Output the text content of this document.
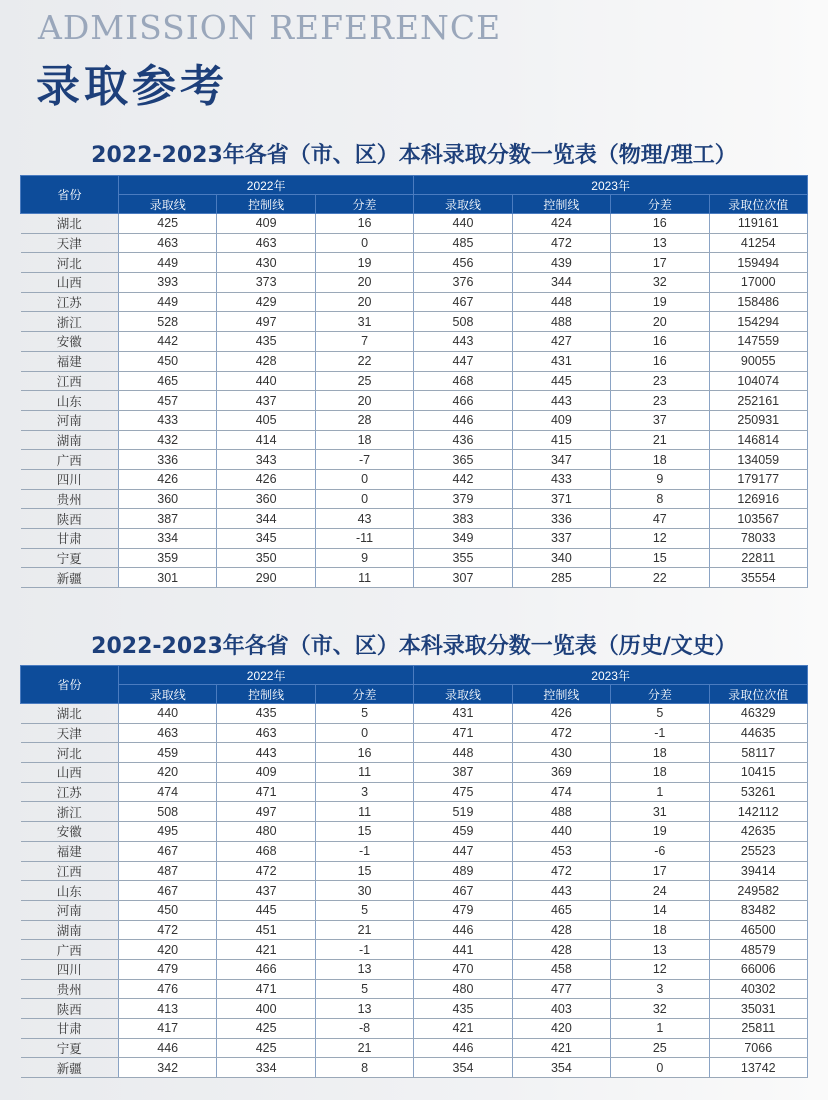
ADMISSION REFERENCE
录取参考
2022-2023年各省（市、区）本科录取分数一览表（物理/理工）
省份	2022年			2023年			
	录取线	控制线	分差	录取线	控制线	分差	录取位次值
湖北	425	409	16	440	424	16	119161
天津	463	463	0	485	472	13	41254
河北	449	430	19	456	439	17	159494
山西	393	373	20	376	344	32	17000
江苏	449	429	20	467	448	19	158486
浙江	528	497	31	508	488	20	154294
安徽	442	435	7	443	427	16	147559
福建	450	428	22	447	431	16	90055
江西	465	440	25	468	445	23	104074
山东	457	437	20	466	443	23	252161
河南	433	405	28	446	409	37	250931
湖南	432	414	18	436	415	21	146814
广西	336	343	-7	365	347	18	134059
四川	426	426	0	442	433	9	179177
贵州	360	360	0	379	371	8	126916
陕西	387	344	43	383	336	47	103567
甘肃	334	345	-11	349	337	12	78033
宁夏	359	350	9	355	340	15	22811
新疆	301	290	11	307	285	22	35554
2022-2023年各省（市、区）本科录取分数一览表（历史/文史）
省份	2022年			2023年			
	录取线	控制线	分差	录取线	控制线	分差	录取位次值
湖北	440	435	5	431	426	5	46329
天津	463	463	0	471	472	-1	44635
河北	459	443	16	448	430	18	58117
山西	420	409	11	387	369	18	10415
江苏	474	471	3	475	474	1	53261
浙江	508	497	11	519	488	31	142112
安徽	495	480	15	459	440	19	42635
福建	467	468	-1	447	453	-6	25523
江西	487	472	15	489	472	17	39414
山东	467	437	30	467	443	24	249582
河南	450	445	5	479	465	14	83482
湖南	472	451	21	446	428	18	46500
广西	420	421	-1	441	428	13	48579
四川	479	466	13	470	458	12	66006
贵州	476	471	5	480	477	3	40302
陕西	413	400	13	435	403	32	35031
甘肃	417	425	-8	421	420	1	25811
宁夏	446	425	21	446	421	25	7066
新疆	342	334	8	354	354	0	13742
